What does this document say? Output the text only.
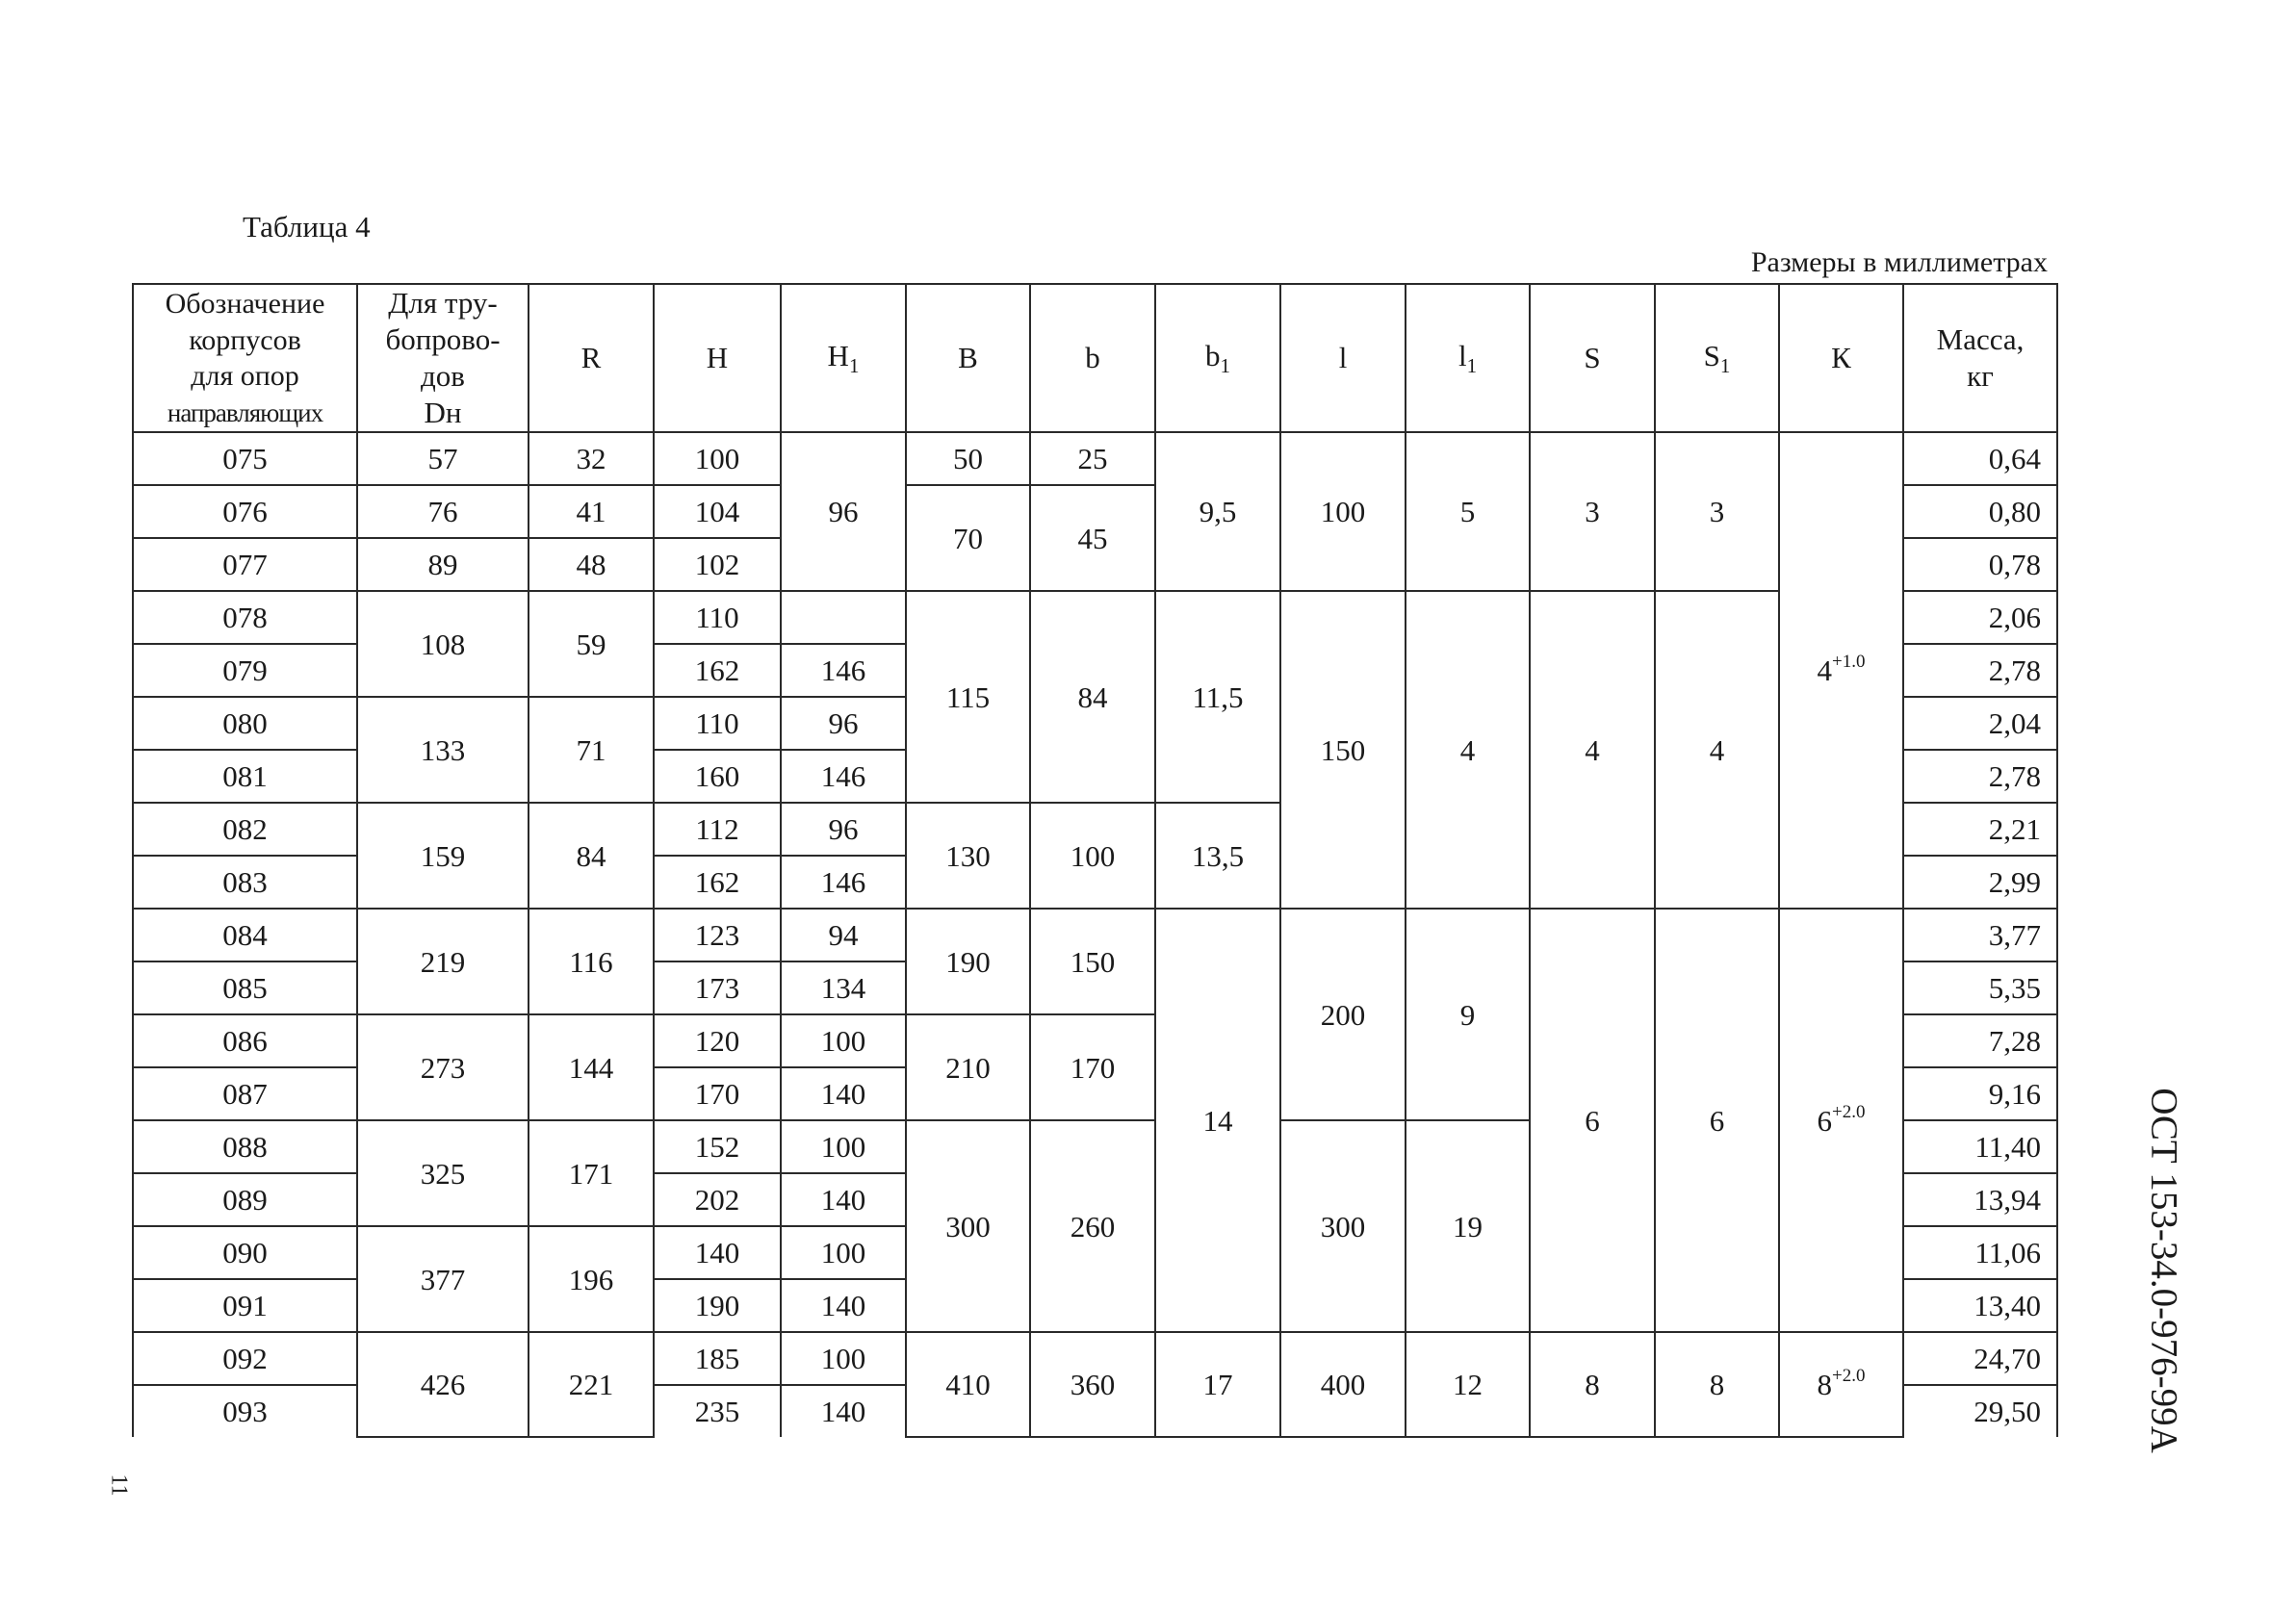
Таблица 4
Размеры в миллиметрах
Обозначение
корпусов
для опор
направляющих	Для тру-
бопрово-
дов
Dн	R	H	$H_1$	B	b	$b_1$	l	$l_1$	S	$S_1$	К	Масса,
кг
075	57	32	100	96	50	25	9,5	100	5	3	3	$4^{+1.0}$	0,64
076	76	41	104		70	45							0,80
077	89	48	102										0,78
078	108	59	110		115	84	11,5	150	4	4	4		2,06
079			162	146									2,78
080	133	71	110	96									2,04
081			160	146									2,78
082	159	84	112	96	130	100	13,5						2,21
083			162	146									2,99
084	219	116	123	94	190	150	14	200	9	6	6	$6^{+2.0}$	3,77
085			173	134									5,35
086	273	144	120	100	210	170							7,28
087			170	140									9,16
088	325	171	152	100	300	260		300	19				11,40
089			202	140									13,94
090	377	196	140	100									11,06
091			190	140									13,40
092	426	221	185	100	410	360	17	400	12	8	8	$8^{+2.0}$	24,70
093			235	140									29,50	ОСТ 153-34.0-976-99А
11
